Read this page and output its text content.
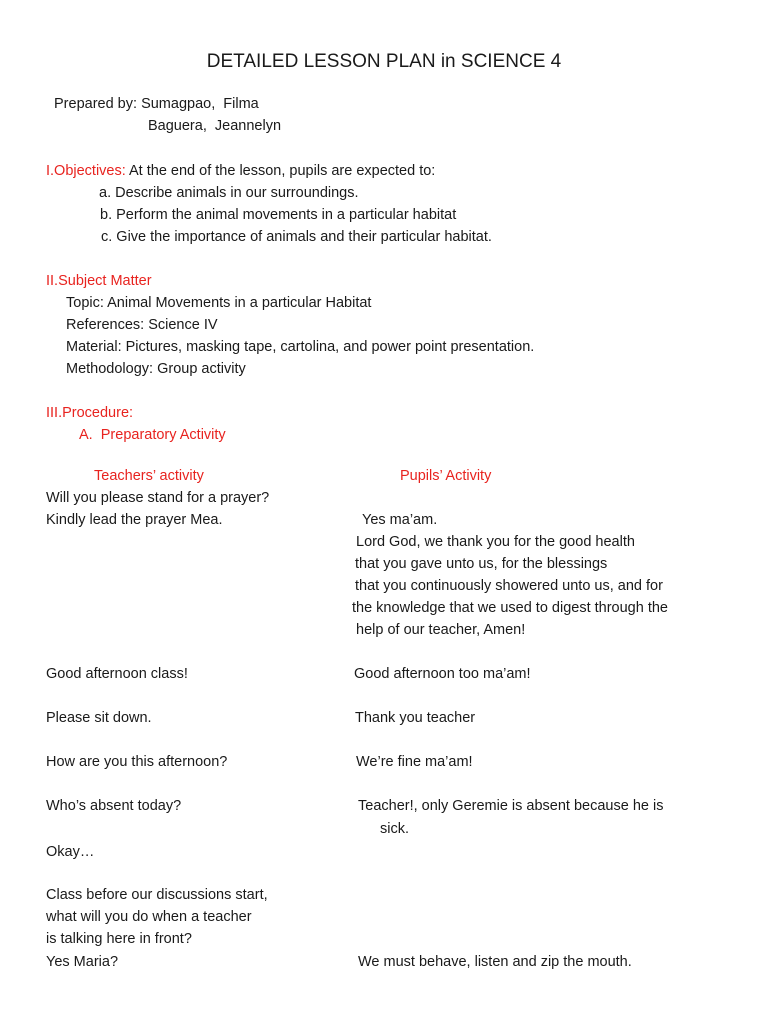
DETAILED LESSON PLAN in SCIENCE 4
Prepared by: Sumagpao,  Filma
Baguera,  Jeannelyn
I.Objectives: At the end of the lesson, pupils are expected to:
a. Describe animals in our surroundings.
b. Perform the animal movements in a particular habitat
c. Give the importance of animals and their particular habitat.
II.Subject Matter
Topic: Animal Movements in a particular Habitat
References: Science IV
Material: Pictures, masking tape, cartolina, and power point presentation.
Methodology: Group activity
III.Procedure:
A.  Preparatory Activity
Teachers’ activity	Pupils’ Activity
Will you please stand for a prayer?
Kindly lead the prayer Mea.
Good afternoon class!
Please sit down.
How are you this afternoon?
Who’s absent today?
Okay…
Class before our discussions start,
what will you do when a teacher
is talking here in front?
Yes Maria?
Yes ma’am.
Lord God, we thank you for the good health
that you gave unto us, for the blessings
that you continuously showered unto us, and for
the knowledge that we used to digest through the
help of our teacher, Amen!
Good afternoon too ma’am!
Thank you teacher
We’re fine ma’am!
Teacher!, only Geremie is absent because he is
sick.
We must behave, listen and zip the mouth.
